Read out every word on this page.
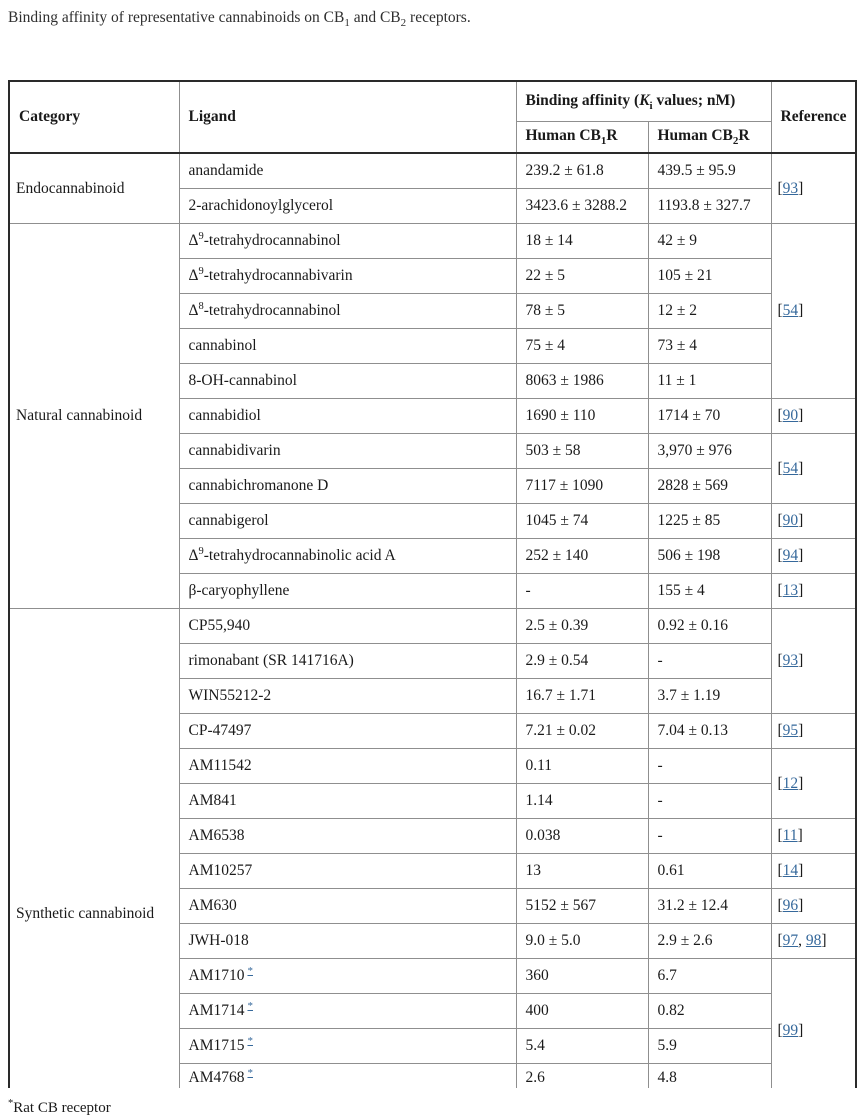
Binding affinity of representative cannabinoids on $CB_1$ and $CB_2$ receptors.
Category	Ligand	Binding affinity ($K_i$ values; nM)		Reference
		Human $CB_1R$	Human $CB_2R$	
Endocannabinoid	anandamide	239.2 ± 61.8	439.5 ± 95.9	[93]
	2-arachidonoylglycerol	3423.6 ± 3288.2	1193.8 ± 327.7	
Natural cannabinoid	$\Delta^9$-tetrahydrocannabinol	18 ± 14	42 ± 9	[54]
	$\Delta^9$-tetrahydrocannabivarin	22 ± 5	105 ± 21	
	$\Delta^8$-tetrahydrocannabinol	78 ± 5	12 ± 2	
	cannabinol	75 ± 4	73 ± 4	
	8-OH-cannabinol	8063 ± 1986	11 ± 1	
	cannabidiol	1690 ± 110	1714 ± 70	[90]
	cannabidivarin	503 ± 58	3,970 ± 976	[54]
	cannabichromanone D	7117 ± 1090	2828 ± 569	
	cannabigerol	1045 ± 74	1225 ± 85	[90]
	$\Delta^9$-tetrahydrocannabinolic acid A	252 ± 140	506 ± 198	[94]
	β-caryophyllene	-	155 ± 4	[13]
Synthetic cannabinoid	CP55,940	2.5 ± 0.39	0.92 ± 0.16	[93]
	rimonabant (SR 141716A)	2.9 ± 0.54	-	
	WIN55212-2	16.7 ± 1.71	3.7 ± 1.19	
	CP-47497	7.21 ± 0.02	7.04 ± 0.13	[95]
	AM11542	0.11	-	[12]
	AM841	1.14	-	
	AM6538	0.038	-	[11]
	AM10257	13	0.61	[14]
	AM630	5152 ± 567	31.2 ± 12.4	[96]
	JWH-018	9.0 ± 5.0	2.9 ± 2.6	[97, 98]
	AM1710 *	360	6.7	[99]
	AM1714 *	400	0.82	
	AM1715 *	5.4	5.9	
	AM4768 *	2.6	4.8	
*Rat CB receptor
